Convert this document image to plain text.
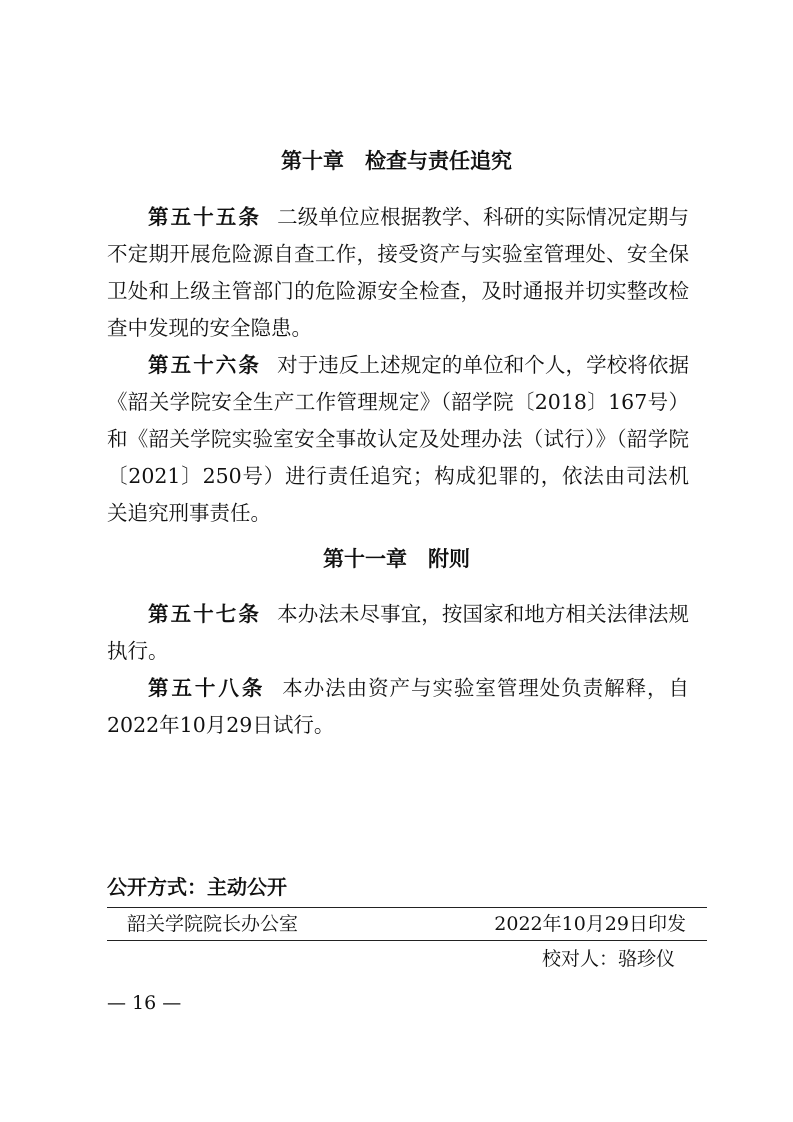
第十章　检查与责任追究

第五十五条 二级单位应根据教学、科研的实际情况定期与不定期开展危险源自查工作，接受资产与实验室管理处、安全保卫处和上级主管部门的危险源安全检查，及时通报并切实整改检查中发现的安全隐患。

第五十六条 对于违反上述规定的单位和个人，学校将依据《韶关学院安全生产工作管理规定》（韶学院〔2018〕167号）和《韶关学院实验室安全事故认定及处理办法（试行）》（韶学院〔2021〕250号）进行责任追究；构成犯罪的，依法由司法机关追究刑事责任。

第十一章　附则

第五十七条 本办法未尽事宜，按国家和地方相关法律法规执行。

第五十八条 本办法由资产与实验室管理处负责解释，自2022年10月29日试行。

公开方式：主动公开
韶关学院院长办公室	2022年10月29日印发
校对人：骆珍仪
— 16 —
